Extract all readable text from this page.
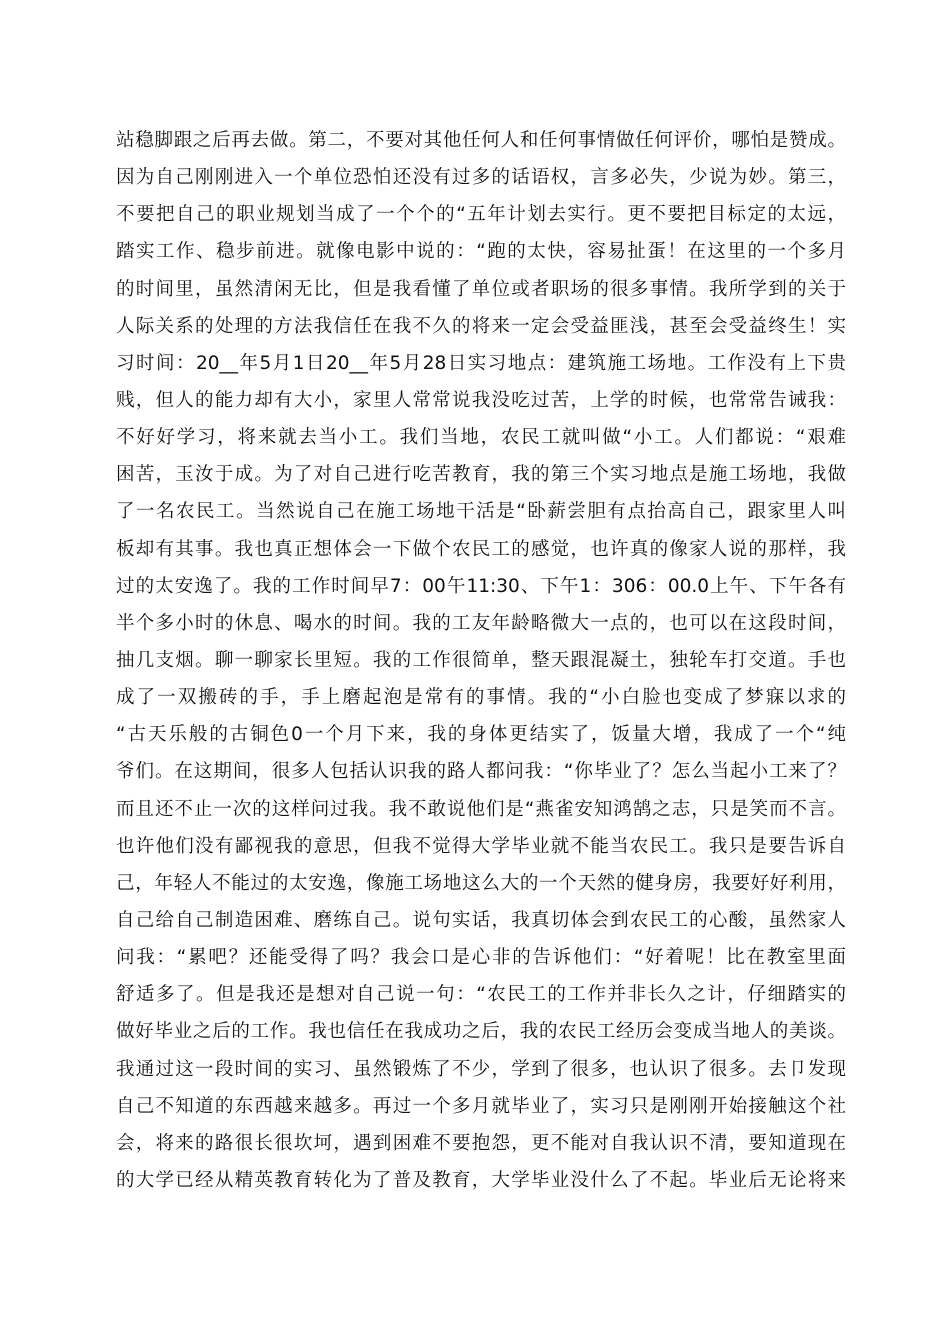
站稳脚跟之后再去做。第二，不要对其他任何人和任何事情做任何评价，哪怕是赞成。
因为自己刚刚进入一个单位恐怕还没有过多的话语权，言多必失，少说为妙。第三，
不要把自己的职业规划当成了一个个的“五年计划去实行。更不要把目标定的太远，
踏实工作、稳步前进。就像电影中说的：“跑的太快，容易扯蛋！在这里的一个多月
的时间里，虽然清闲无比，但是我看懂了单位或者职场的很多事情。我所学到的关于
人际关系的处理的方法我信任在我不久的将来一定会受益匪浅，甚至会受益终生！实
习时间：20__年5月1日20__年5月28日实习地点：建筑施工场地。工作没有上下贵
贱，但人的能力却有大小，家里人常常说我没吃过苦，上学的时候，也常常告诫我：
不好好学习，将来就去当小工。我们当地，农民工就叫做“小工。人们都说：“艰难
困苦，玉汝于成。为了对自己进行吃苦教育，我的第三个实习地点是施工场地，我做
了一名农民工。当然说自己在施工场地干活是“卧薪尝胆有点抬高自己，跟家里人叫
板却有其事。我也真正想体会一下做个农民工的感觉，也许真的像家人说的那样，我
过的太安逸了。我的工作时间早7：00午11:30、下午1：306：00.0上午、下午各有
半个多小时的休息、喝水的时间。我的工友年龄略微大一点的，也可以在这段时间，
抽几支烟。聊一聊家长里短。我的工作很简单，整天跟混凝土，独轮车打交道。手也
成了一双搬砖的手，手上磨起泡是常有的事情。我的“小白脸也变成了梦寐以求的
“古天乐般的古铜色0一个月下来，我的身体更结实了，饭量大增，我成了一个“纯
爷们。在这期间，很多人包括认识我的路人都问我：“你毕业了？怎么当起小工来了？
而且还不止一次的这样问过我。我不敢说他们是“燕雀安知鸿鹄之志，只是笑而不言。
也许他们没有鄙视我的意思，但我不觉得大学毕业就不能当农民工。我只是要告诉自
己，年轻人不能过的太安逸，像施工场地这么大的一个天然的健身房，我要好好利用，
自己给自己制造困难、磨练自己。说句实话，我真切体会到农民工的心酸，虽然家人
问我：“累吧？还能受得了吗？我会口是心非的告诉他们：“好着呢！比在教室里面
舒适多了。但是我还是想对自己说一句：“农民工的工作并非长久之计，仔细踏实的
做好毕业之后的工作。我也信任在我成功之后，我的农民工经历会变成当地人的美谈。
我通过这一段时间的实习、虽然锻炼了不少，学到了很多，也认识了很多。去卩发现
自己不知道的东西越来越多。再过一个多月就毕业了，实习只是刚刚开始接触这个社
会，将来的路很长很坎坷，遇到困难不要抱怨，更不能对自我认识不清，要知道现在
的大学已经从精英教育转化为了普及教育，大学毕业没什么了不起。毕业后无论将来
